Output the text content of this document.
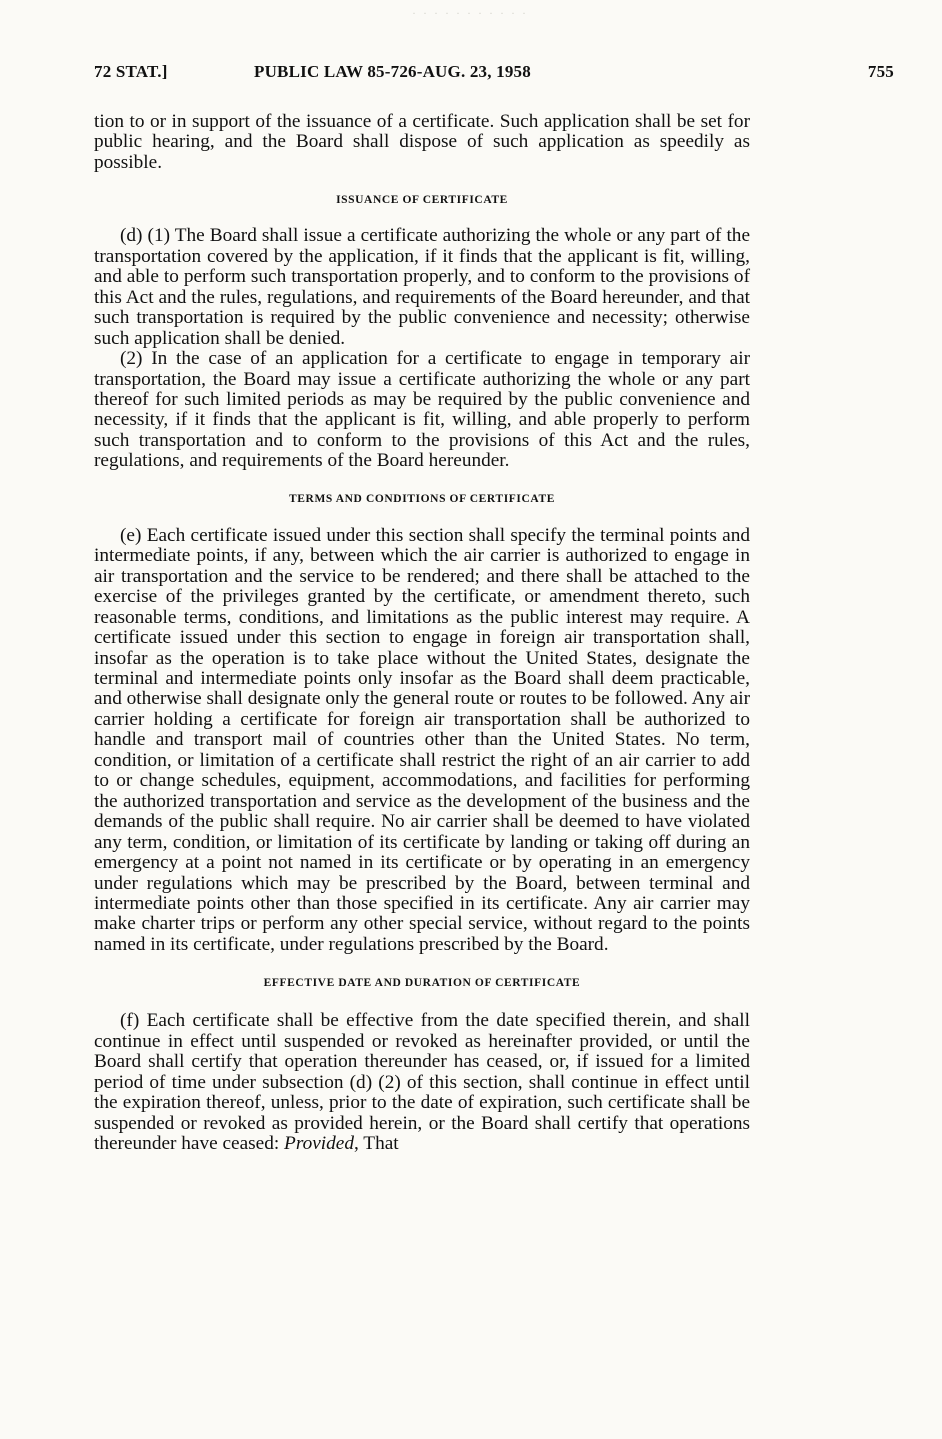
· · · · · · · · · · ·
72 STAT.]	PUBLIC LAW 85-726-AUG. 23, 1958	755

tion to or in support of the issuance of a certificate. Such application shall be set for public hearing, and the Board shall dispose of such application as speedily as possible.

ISSUANCE OF CERTIFICATE

(d) (1) The Board shall issue a certificate authorizing the whole or any part of the transportation covered by the application, if it finds that the applicant is fit, willing, and able to perform such transportation properly, and to conform to the provisions of this Act and the rules, regulations, and requirements of the Board hereunder, and that such transportation is required by the public convenience and necessity; otherwise such application shall be denied.

(2) In the case of an application for a certificate to engage in temporary air transportation, the Board may issue a certificate authorizing the whole or any part thereof for such limited periods as may be required by the public convenience and necessity, if it finds that the applicant is fit, willing, and able properly to perform such transportation and to conform to the provisions of this Act and the rules, regulations, and requirements of the Board hereunder.

TERMS AND CONDITIONS OF CERTIFICATE

(e) Each certificate issued under this section shall specify the terminal points and intermediate points, if any, between which the air carrier is authorized to engage in air transportation and the service to be rendered; and there shall be attached to the exercise of the privileges granted by the certificate, or amendment thereto, such reasonable terms, conditions, and limitations as the public interest may require. A certificate issued under this section to engage in foreign air transportation shall, insofar as the operation is to take place without the United States, designate the terminal and intermediate points only insofar as the Board shall deem practicable, and otherwise shall designate only the general route or routes to be followed. Any air carrier holding a certificate for foreign air transportation shall be authorized to handle and transport mail of countries other than the United States. No term, condition, or limitation of a certificate shall restrict the right of an air carrier to add to or change schedules, equipment, accommodations, and facilities for performing the authorized transportation and service as the development of the business and the demands of the public shall require. No air carrier shall be deemed to have violated any term, condition, or limitation of its certificate by landing or taking off during an emergency at a point not named in its certificate or by operating in an emergency under regulations which may be prescribed by the Board, between terminal and intermediate points other than those specified in its certificate. Any air carrier may make charter trips or perform any other special service, without regard to the points named in its certificate, under regulations prescribed by the Board.

EFFECTIVE DATE AND DURATION OF CERTIFICATE

(f) Each certificate shall be effective from the date specified therein, and shall continue in effect until suspended or revoked as hereinafter provided, or until the Board shall certify that operation thereunder has ceased, or, if issued for a limited period of time under subsection (d) (2) of this section, shall continue in effect until the expiration thereof, unless, prior to the date of expiration, such certificate shall be suspended or revoked as provided herein, or the Board shall certify that operations thereunder have ceased: Provided, That
